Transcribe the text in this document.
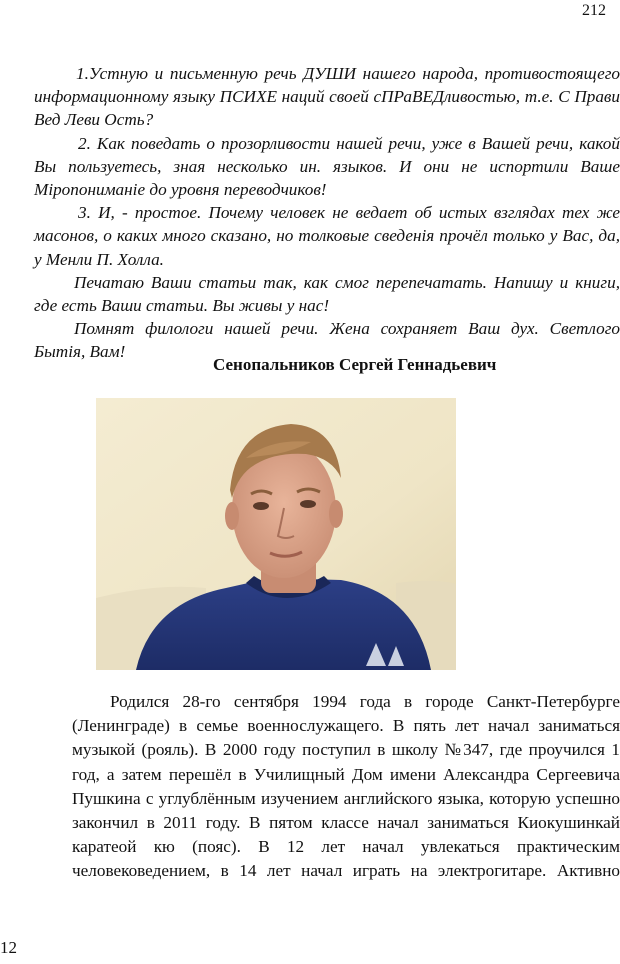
212

1.Устную и письменную речь ДУШИ нашего народа, противостоящего информационному языку ПСИХЕ наций своей сПРаВЕДливостью, т.е. С Прави Вед Леви Ость?

2. Как поведать о прозорливости нашей речи, уже в Вашей речи, какой Вы пользуетесь, зная несколько ин. языков. И они не испортили Ваше Міропониманіе до уровня переводчиков!

3. И, - простое. Почему человек не ведает об истых взглядах тех же масонов, о каких много сказано, но толковые сведенія прочёл только у Вас, да, у Менли П. Холла.

Печатаю Ваши статьи так, как смог перепечатать. Напишу и книги, где есть Ваши статьи. Вы живы у нас!

Помнят филологи нашей речи. Жена сохраняет Ваш дух. Светлого Бытія, Вам!

Сенопальников Сергей Геннадьевич

Родился 28-го сентября 1994 года в городе Санкт-Петербурге (Ленинграде) в семье военнослужащего. В пять лет начал заниматься музыкой (рояль). В 2000 году поступил в школу №347, где проучился 1 год, а затем перешёл в Училищный Дом имени Александра Сергеевича Пушкина с углублённым изучением английского языка, которую успешно закончил в 2011 году. В пятом классе начал заниматься Киокушинкай каратеой кю (пояс). В 12 лет начал увлекаться практическим человековедением, в 14 лет начал играть на электрогитаре. Активно

12
